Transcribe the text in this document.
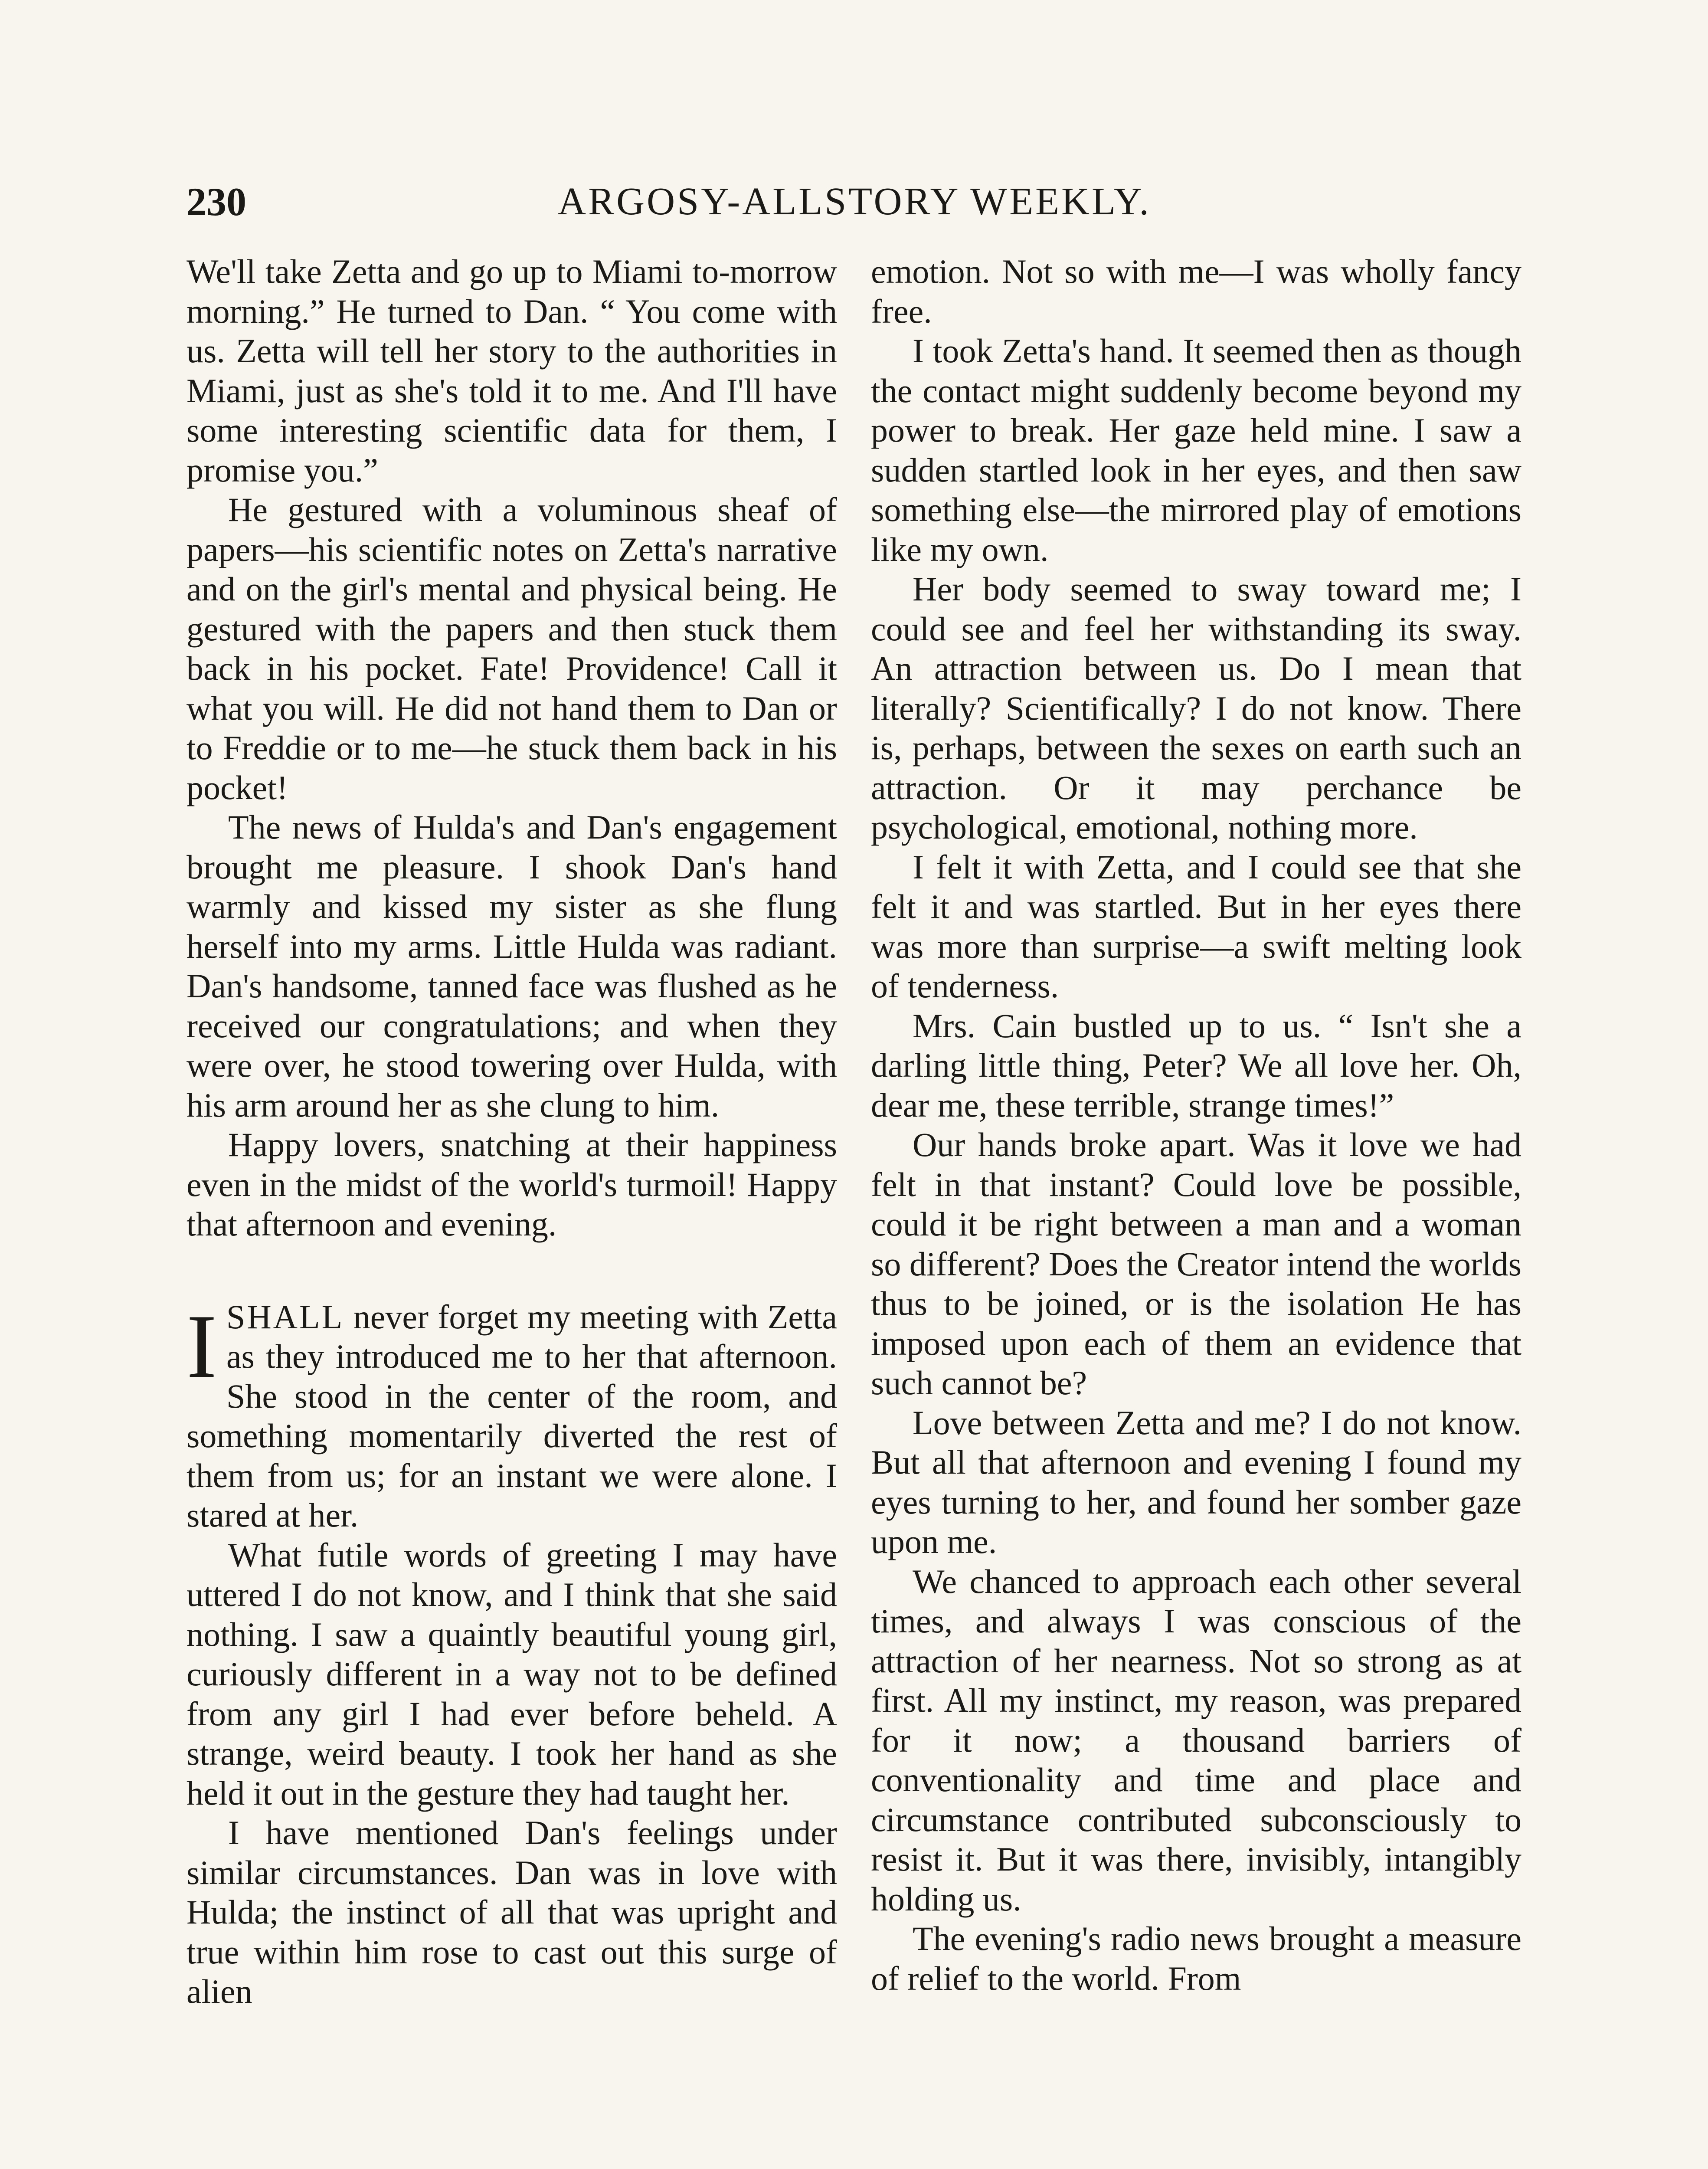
230	ARGOSY-ALLSTORY WEEKLY.

We'll take Zetta and go up to Miami to-morrow morning.” He turned to Dan. “ You come with us. Zetta will tell her story to the authorities in Miami, just as she's told it to me. And I'll have some interesting scientific data for them, I promise you.”

He gestured with a voluminous sheaf of papers—his scientific notes on Zetta's narrative and on the girl's mental and physical being. He gestured with the papers and then stuck them back in his pocket. Fate! Providence! Call it what you will. He did not hand them to Dan or to Freddie or to me—he stuck them back in his pocket!

The news of Hulda's and Dan's engagement brought me pleasure. I shook Dan's hand warmly and kissed my sister as she flung herself into my arms. Little Hulda was radiant. Dan's handsome, tanned face was flushed as he received our congratulations; and when they were over, he stood towering over Hulda, with his arm around her as she clung to him.

Happy lovers, snatching at their happiness even in the midst of the world's turmoil! Happy that afternoon and evening.

ISHALL never forget my meeting with Zetta as they introduced me to her that afternoon. She stood in the center of the room, and something momentarily diverted the rest of them from us; for an instant we were alone. I stared at her.

What futile words of greeting I may have uttered I do not know, and I think that she said nothing. I saw a quaintly beautiful young girl, curiously different in a way not to be defined from any girl I had ever before beheld. A strange, weird beauty. I took her hand as she held it out in the gesture they had taught her.

I have mentioned Dan's feelings under similar circumstances. Dan was in love with Hulda; the instinct of all that was upright and true within him rose to cast out this surge of alien

emotion. Not so with me—I was wholly fancy free.

I took Zetta's hand. It seemed then as though the contact might suddenly become beyond my power to break. Her gaze held mine. I saw a sudden startled look in her eyes, and then saw something else—the mirrored play of emotions like my own.

Her body seemed to sway toward me; I could see and feel her withstanding its sway. An attraction between us. Do I mean that literally? Scientifically? I do not know. There is, perhaps, between the sexes on earth such an attraction. Or it may perchance be psychological, emotional, nothing more.

I felt it with Zetta, and I could see that she felt it and was startled. But in her eyes there was more than surprise—a swift melting look of tenderness.

Mrs. Cain bustled up to us. “ Isn't she a darling little thing, Peter? We all love her. Oh, dear me, these terrible, strange times!”

Our hands broke apart. Was it love we had felt in that instant? Could love be possible, could it be right between a man and a woman so different? Does the Creator intend the worlds thus to be joined, or is the isolation He has imposed upon each of them an evidence that such cannot be?

Love between Zetta and me? I do not know. But all that afternoon and evening I found my eyes turning to her, and found her somber gaze upon me.

We chanced to approach each other several times, and always I was conscious of the attraction of her nearness. Not so strong as at first. All my instinct, my reason, was prepared for it now; a thousand barriers of conventionality and time and place and circumstance contributed subconsciously to resist it. But it was there, invisibly, intangibly holding us.

The evening's radio news brought a measure of relief to the world. From
